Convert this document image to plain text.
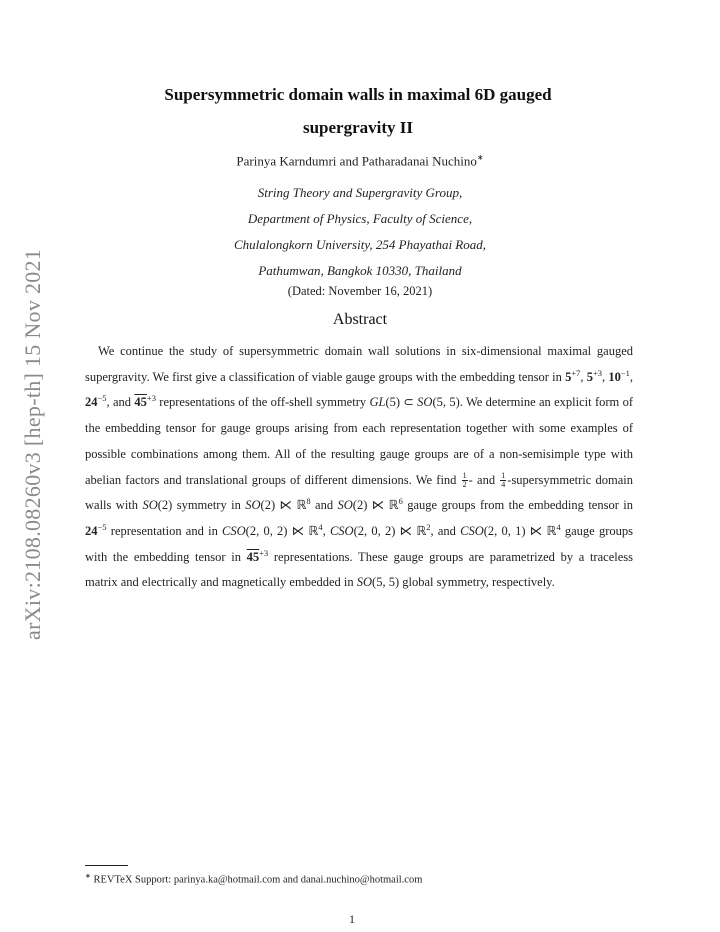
arXiv:2108.08260v3 [hep-th] 15 Nov 2021
Supersymmetric domain walls in maximal 6D gauged
supergravity II
Parinya Karndumri and Patharadanai Nuchino∗
String Theory and Supergravity Group,
Department of Physics, Faculty of Science,
Chulalongkorn University, 254 Phayathai Road,
Pathumwan, Bangkok 10330, Thailand
(Dated: November 16, 2021)
Abstract
We continue the study of supersymmetric domain wall solutions in six-dimensional maximal gauged supergravity. We first give a classification of viable gauge groups with the embedding tensor in $5^{+7}$, $5^{+3}$, $10^{-1}$, $24^{-5}$, and $45^{+3}$ representations of the off-shell symmetry GL(5) ⊂ SO(5, 5). We determine an explicit form of the embedding tensor for gauge groups arising from each representation together with some examples of possible combinations among them. All of the resulting gauge groups are of a non-semisimple type with abelian factors and translational groups of different dimensions. We find $\frac{1}{2}$ - and $\frac{1}{4}$ -supersymmetric domain walls with SO(2) symmetry in SO(2) ⋉ ℝ$^8$ and SO(2) ⋉ ℝ$^6$ gauge groups from the embedding tensor in $24^{-5}$ representation and in CSO(2, 0, 2) ⋉ ℝ$^4$, CSO(2, 0, 2) ⋉ ℝ$^2$, and CSO(2, 0, 1) ⋉ ℝ$^4$ gauge groups with the embedding tensor in $45^{+3}$ representations. These gauge groups are parametrized by a traceless matrix and electrically and magnetically embedded in SO(5, 5) global symmetry, respectively.
∗ REVTeX Support: parinya.ka@hotmail.com and danai.nuchino@hotmail.com
1
